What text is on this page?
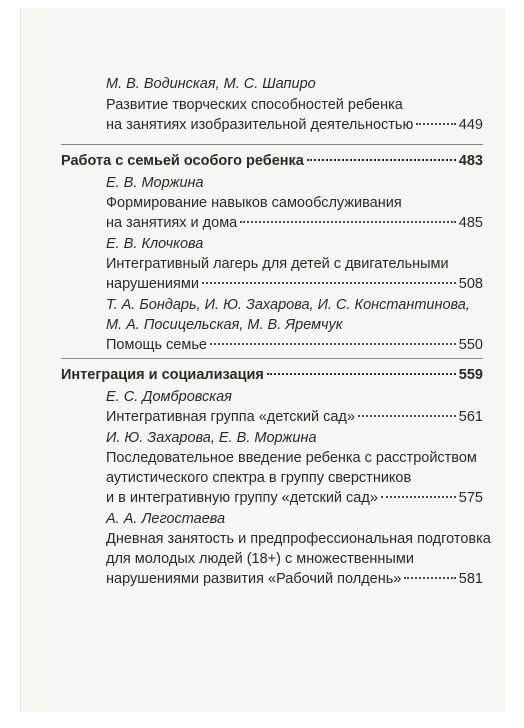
М. В. Водинская, М. С. Шапиро
Развитие творческих способностей ребенка
на занятиях изобразительной деятельностью	449
Работа с семьей особого ребенка	483
Е. В. Моржина
Формирование навыков самообслуживания
на занятиях и дома	485
Е. В. Клочкова
Интегративный лагерь для детей с двигательными
нарушениями	508
Т. А. Бондарь, И. Ю. Захарова, И. С. Константинова,
М. А. Посицельская, М. В. Яремчук
Помощь семье	550
Интеграция и социализация	559
Е. С. Домбровская
Интегративная группа «детский сад»	561
И. Ю. Захарова, Е. В. Моржина
Последовательное введение ребенка с расстройством
аутистического спектра в группу сверстников
и в интегративную группу «детский сад»	575
А. А. Легостаева
Дневная занятость и предпрофессиональная подготовка
для молодых людей (18+) с множественными
нарушениями развития «Рабочий полдень»	581
